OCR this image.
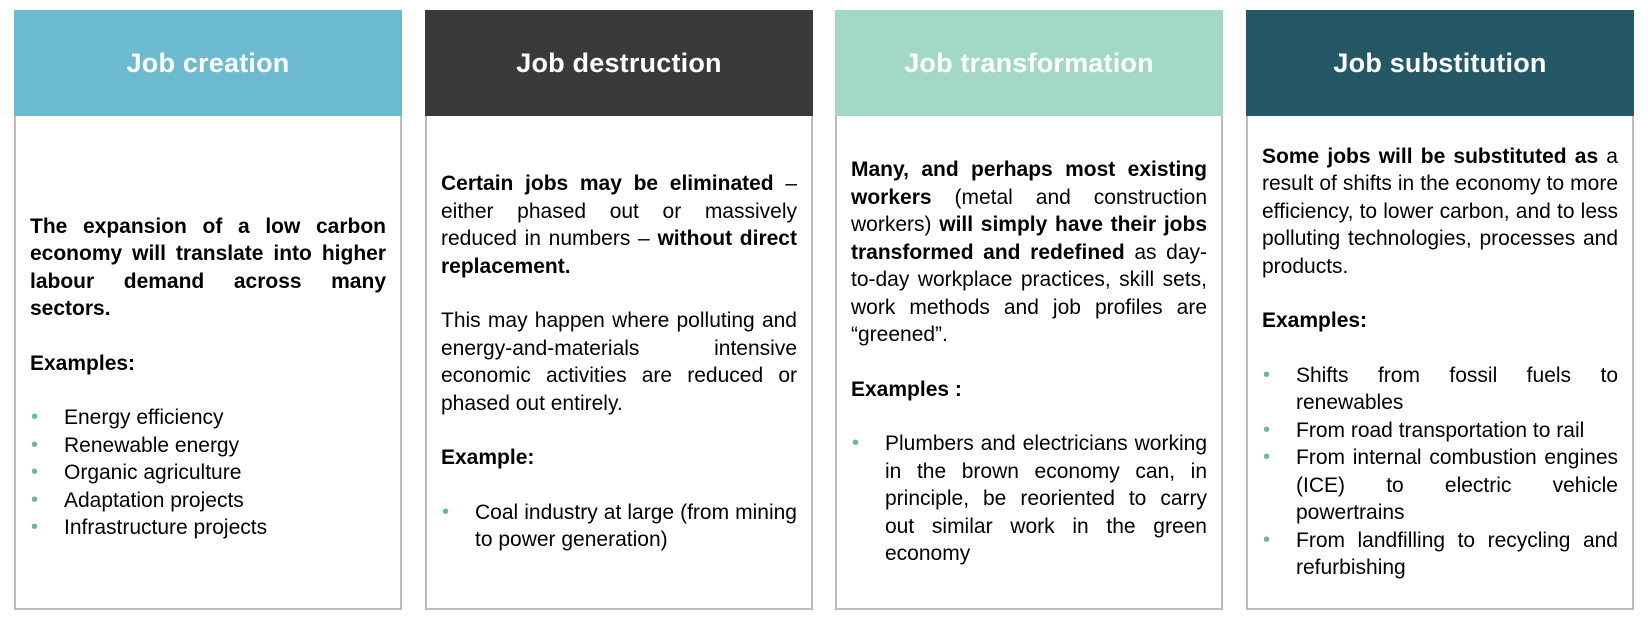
Job creation

The expansion of a low carbon economy will translate into higher labour demand across many sectors.

Examples:
• Energy efficiency
• Renewable energy
• Organic agriculture
• Adaptation projects
• Infrastructure projects
Job destruction

Certain jobs may be eliminated – either phased out or massively reduced in numbers – without direct replacement.

This may happen where polluting and energy-and-materials intensive economic activities are reduced or phased out entirely.

Example:
• Coal industry at large (from mining to power generation)
Job transformation

Many, and perhaps most existing workers (metal and construction workers) will simply have their jobs transformed and redefined as day-to-day workplace practices, skill sets, work methods and job profiles are “greened”.

Examples :
• Plumbers and electricians working in the brown economy can, in principle, be reoriented to carry out similar work in the green economy
Job substitution

Some jobs will be substituted as a result of shifts in the economy to more efficiency, to lower carbon, and to less polluting technologies, processes and products.

Examples:
• Shifts from fossil fuels to renewables
• From road transportation to rail
• From internal combustion engines (ICE) to electric vehicle powertrains
• From landfilling to recycling and refurbishing
